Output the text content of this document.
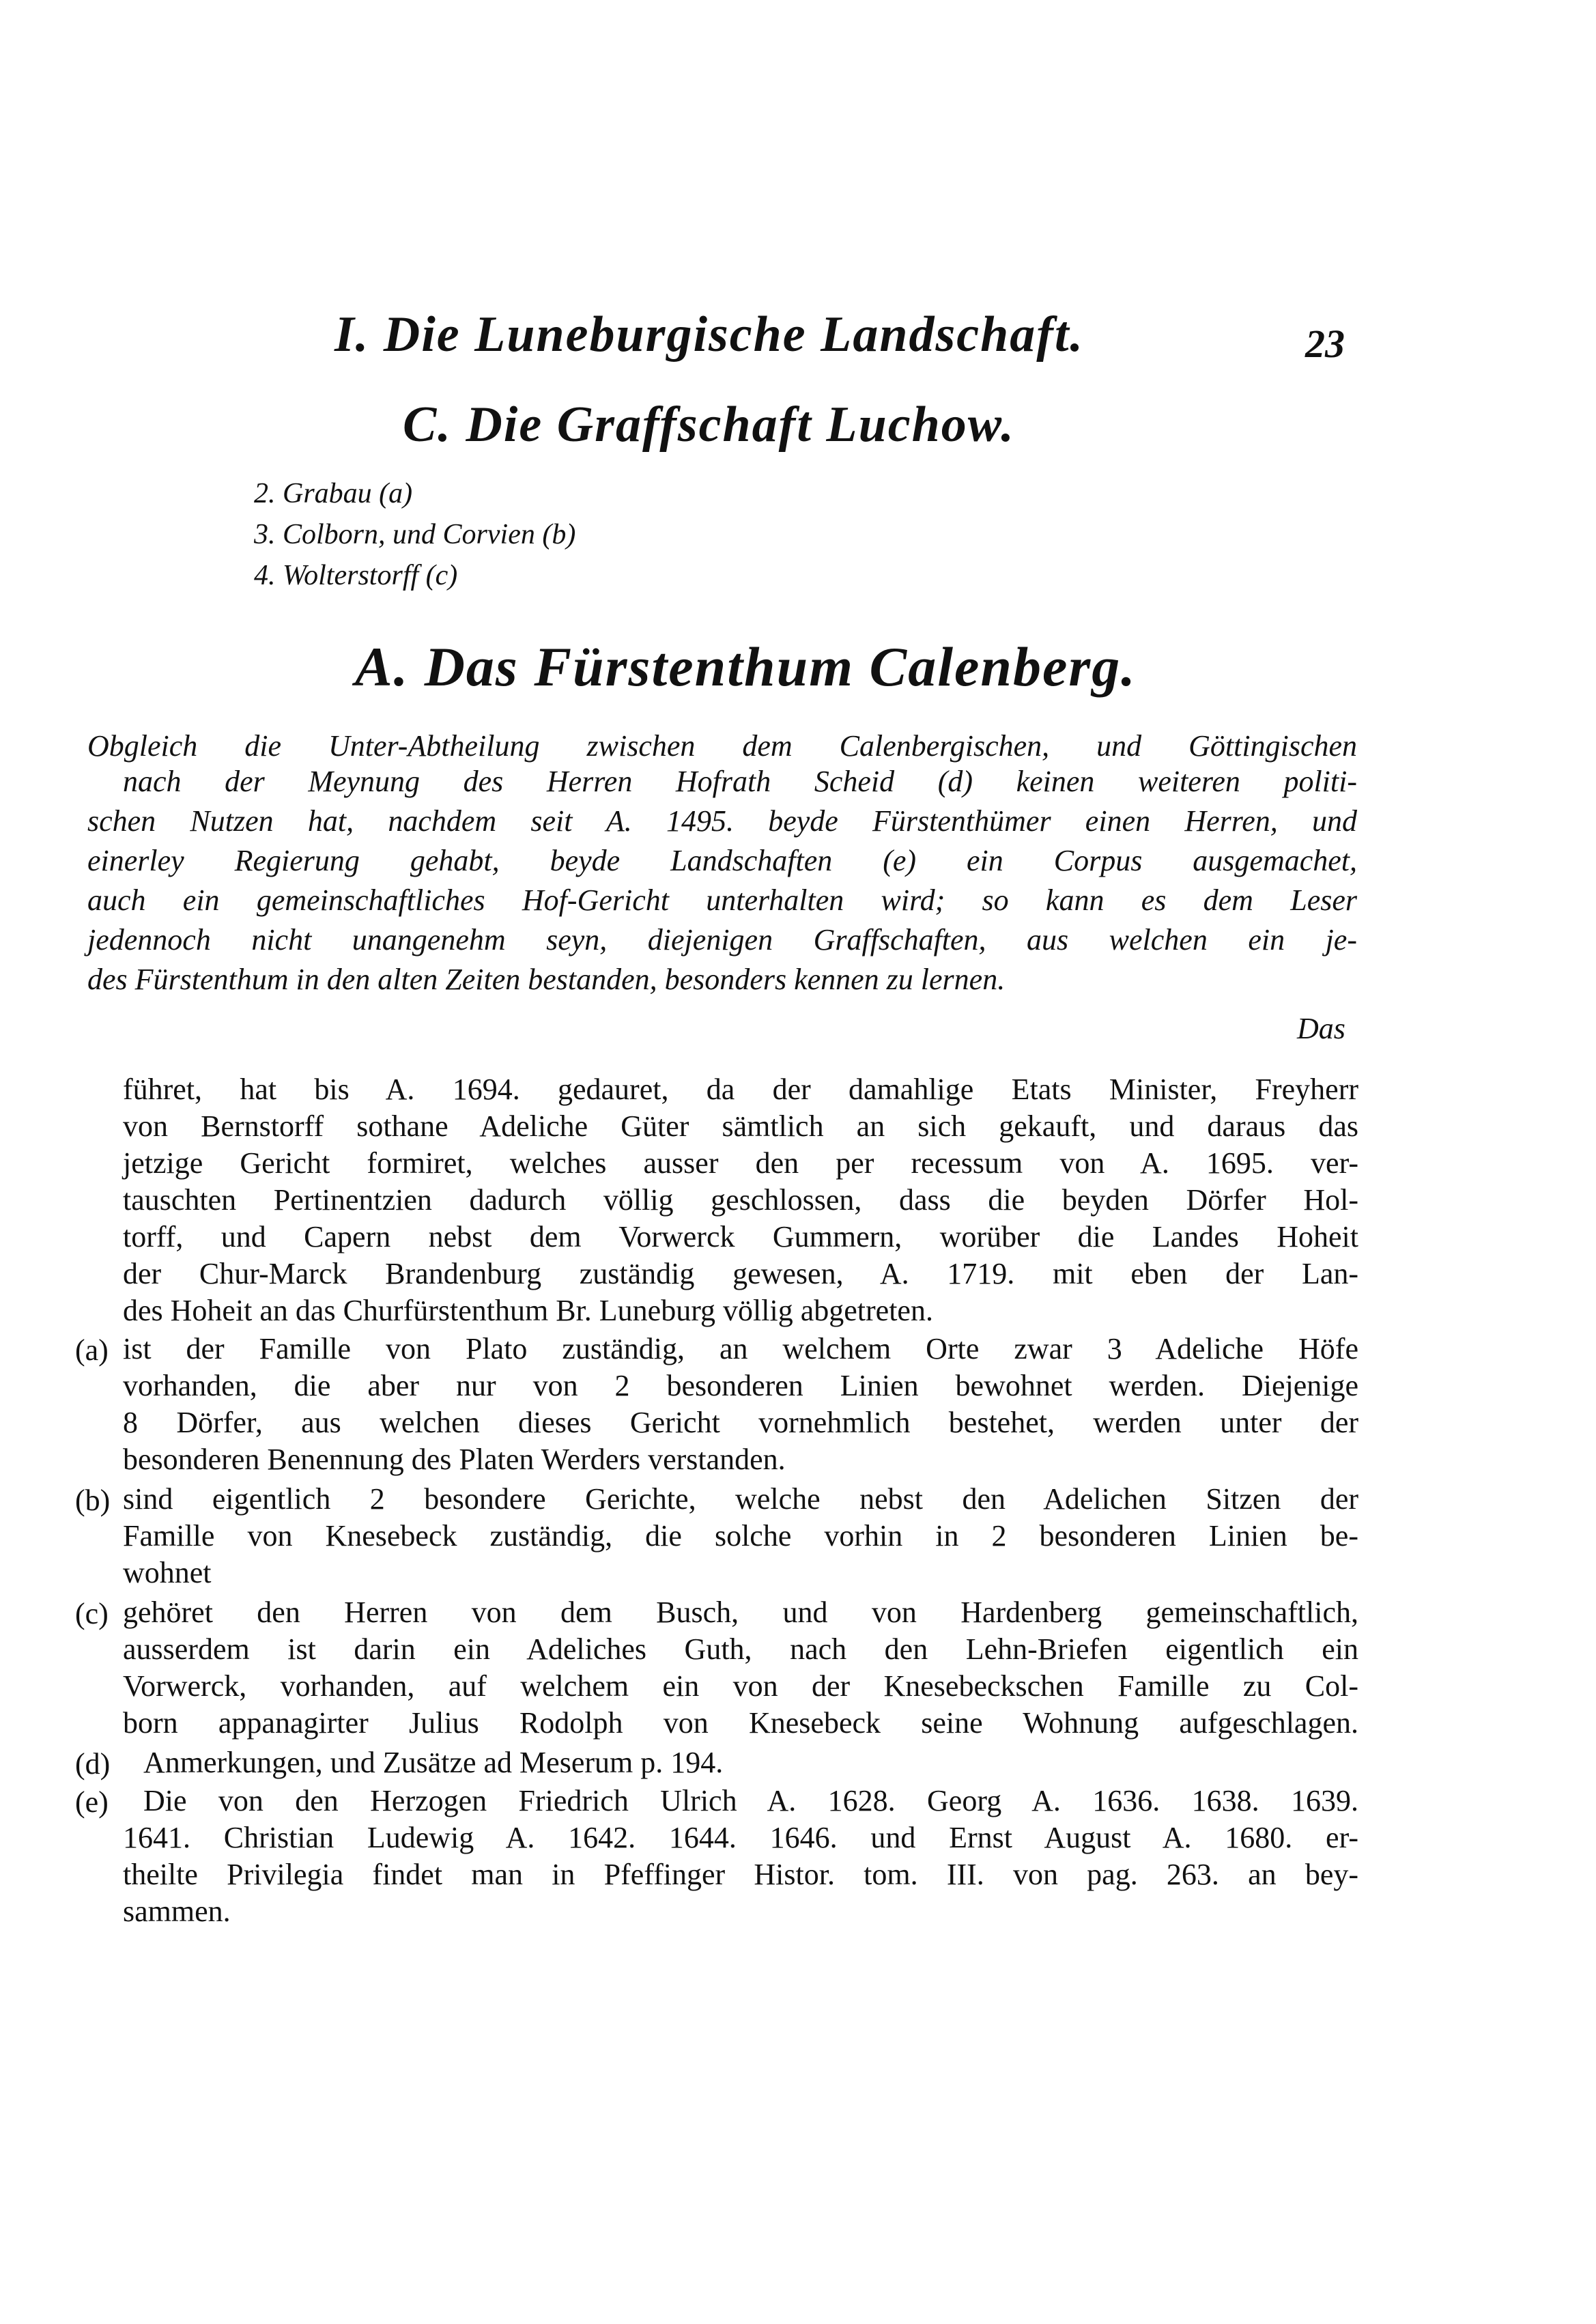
I. Die Luneburgische Landschaft.	23
C. Die Graffschaft Luchow.
2. Grabau (a)
3. Colborn, und Corvien (b)
4. Wolterstorff (c)
A. Das Fürstenthum Calenberg.
Obgleich die Unter-Abtheilung zwischen dem Calenbergischen, und Göttingischen
nach der Meynung des Herren Hofrath Scheid (d) keinen weiteren politi-
schen Nutzen hat, nachdem seit A. 1495. beyde Fürstenthümer einen Herren, und
einerley Regierung gehabt, beyde Landschaften (e) ein Corpus ausgemachet,
auch ein gemeinschaftliches Hof-Gericht unterhalten wird; so kann es dem Leser
jedennoch nicht unangenehm seyn, diejenigen Graffschaften, aus welchen ein je-
des Fürstenthum in den alten Zeiten bestanden, besonders kennen zu lernen.
Das
führet, hat bis A. 1694. gedauret, da der damahlige Etats Minister, Freyherr
von Bernstorff sothane Adeliche Güter sämtlich an sich gekauft, und daraus das
jetzige Gericht formiret, welches ausser den per recessum von A. 1695. ver-
tauschten Pertinentzien dadurch völlig geschlossen, dass die beyden Dörfer Hol-
torff, und Capern nebst dem Vorwerck Gummern, worüber die Landes Hoheit
der Chur-Marck Brandenburg zuständig gewesen, A. 1719. mit eben der Lan-
des Hoheit an das Churfürstenthum Br. Luneburg völlig abgetreten.
(a) ist der Famille von Plato zuständig, an welchem Orte zwar 3 Adeliche Höfe
vorhanden, die aber nur von 2 besonderen Linien bewohnet werden. Diejenige
8 Dörfer, aus welchen dieses Gericht vornehmlich bestehet, werden unter der
besonderen Benennung des Platen Werders verstanden.
(b) sind eigentlich 2 besondere Gerichte, welche nebst den Adelichen Sitzen der
Famille von Knesebeck zuständig, die solche vorhin in 2 besonderen Linien be-
wohnet
(c) gehöret den Herren von dem Busch, und von Hardenberg gemeinschaftlich,
ausserdem ist darin ein Adeliches Guth, nach den Lehn-Briefen eigentlich ein
Vorwerck, vorhanden, auf welchem ein von der Knesebeckschen Famille zu Col-
born appanagirter Julius Rodolph von Knesebeck seine Wohnung aufgeschlagen.
(d) Anmerkungen, und Zusätze ad Meserum p. 194.
(e) Die von den Herzogen Friedrich Ulrich A. 1628. Georg A. 1636. 1638. 1639.
1641. Christian Ludewig A. 1642. 1644. 1646. und Ernst August A. 1680. er-
theilte Privilegia findet man in Pfeffinger Histor. tom. III. von pag. 263. an bey-
sammen.
